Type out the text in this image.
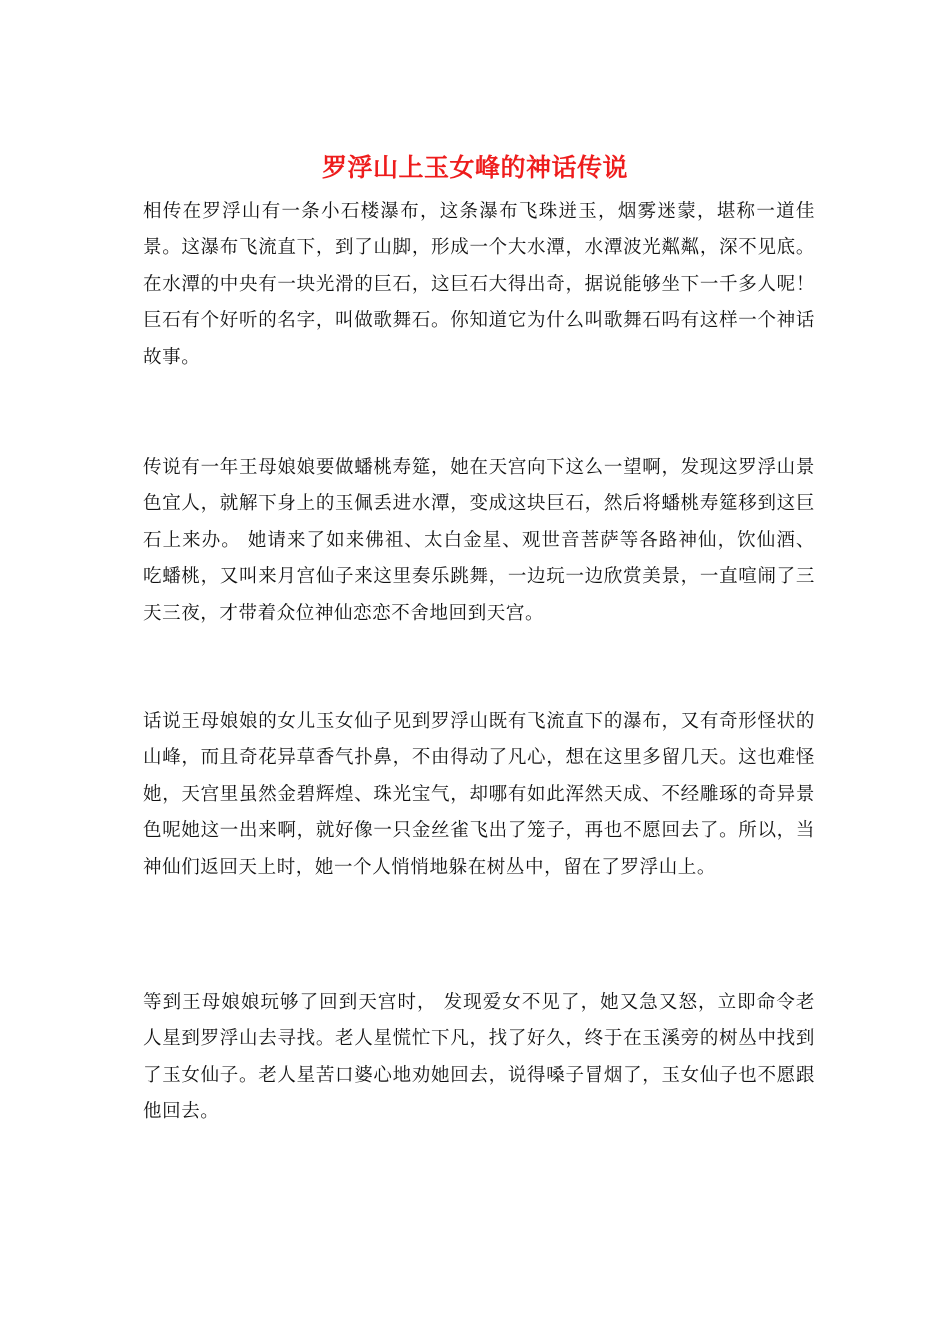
罗浮山上玉女峰的神话传说

相传在罗浮山有一条小石楼瀑布，这条瀑布飞珠迸玉，烟雾迷蒙，堪称一道佳景。这瀑布飞流直下，到了山脚，形成一个大水潭，水潭波光粼粼，深不见底。在水潭的中央有一块光滑的巨石，这巨石大得出奇，据说能够坐下一千多人呢！巨石有个好听的名字，叫做歌舞石。你知道它为什么叫歌舞石吗有这样一个神话故事。

传说有一年王母娘娘要做蟠桃寿筵，她在天宫向下这么一望啊，发现这罗浮山景色宜人，就解下身上的玉佩丢进水潭，变成这块巨石，然后将蟠桃寿筵移到这巨石上来办。 她请来了如来佛祖、太白金星、观世音菩萨等各路神仙，饮仙酒、吃蟠桃，又叫来月宫仙子来这里奏乐跳舞，一边玩一边欣赏美景，一直喧闹了三天三夜，才带着众位神仙恋恋不舍地回到天宫。

话说王母娘娘的女儿玉女仙子见到罗浮山既有飞流直下的瀑布，又有奇形怪状的山峰，而且奇花异草香气扑鼻，不由得动了凡心，想在这里多留几天。这也难怪她，天宫里虽然金碧辉煌、珠光宝气，却哪有如此浑然天成、不经雕琢的奇异景色呢她这一出来啊，就好像一只金丝雀飞出了笼子，再也不愿回去了。所以，当神仙们返回天上时，她一个人悄悄地躲在树丛中，留在了罗浮山上。

等到王母娘娘玩够了回到天宫时， 发现爱女不见了，她又急又怒，立即命令老人星到罗浮山去寻找。老人星慌忙下凡，找了好久，终于在玉溪旁的树丛中找到了玉女仙子。老人星苦口婆心地劝她回去，说得嗓子冒烟了，玉女仙子也不愿跟他回去。
